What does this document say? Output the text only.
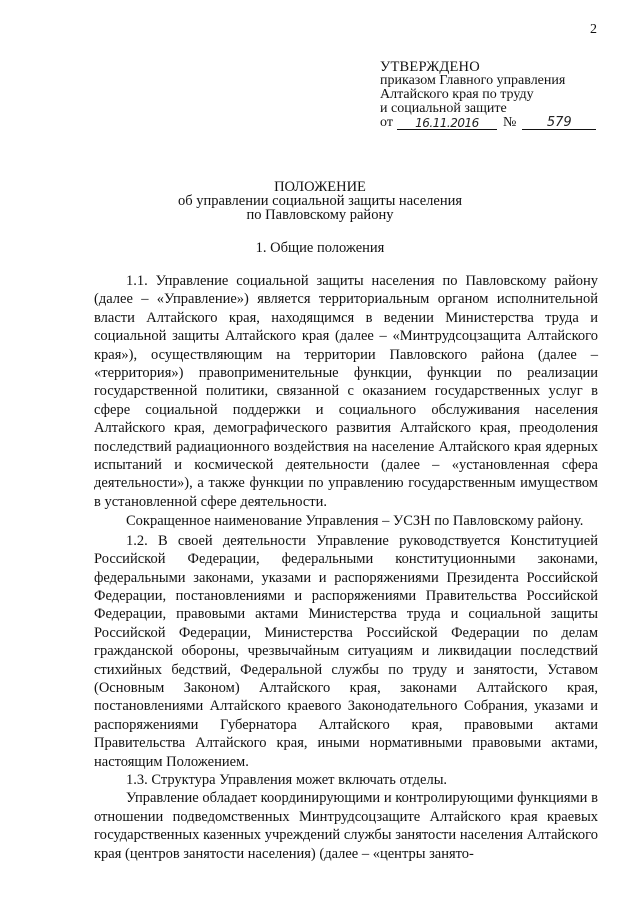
2
УТВЕРЖДЕНО
приказом Главного управления
Алтайского края по труду
и социальной защите
от	16.11.2016	№	579
ПОЛОЖЕНИЕ
об управлении социальной защиты населения
по Павловскому району
1. Общие положения

1.1. Управление социальной защиты населения по Павловскому району (далее – «Управление») является территориальным органом исполнительной власти Алтайского края, находящимся в ведении Министерства труда и социальной защиты Алтайского края (далее – «Минтрудсоцзащита Алтайского края»), осуществляющим на территории Павловского района (далее – «территория») правоприменительные функции, функции по реализации государственной политики, связанной с оказанием государственных услуг в сфере социальной поддержки и социального обслуживания населения Алтайского края, демографического развития Алтайского края, преодоления последствий радиационного воздействия на население Алтайского края ядерных испытаний и космической деятельности (далее – «установленная сфера деятельности»), а также функции по управлению государственным имуществом в установленной сфере деятельности.

Сокращенное наименование Управления – УСЗН по Павловскому району.

1.2. В своей деятельности Управление руководствуется Конституцией Российской Федерации, федеральными конституционными законами, федеральными законами, указами и распоряжениями Президента Российской Федерации, постановлениями и распоряжениями Правительства Российской Федерации, правовыми актами Министерства труда и социальной защиты Российской Федерации, Министерства Российской Федерации по делам гражданской обороны, чрезвычайным ситуациям и ликвидации последствий стихийных бедствий, Федеральной службы по труду и занятости, Уставом (Основным Законом) Алтайского края, законами Алтайского края, постановлениями Алтайского краевого Законодательного Собрания, указами и распоряжениями Губернатора Алтайского края, правовыми актами Правительства Алтайского края, иными нормативными правовыми актами, настоящим Положением.

1.3. Структура Управления может включать отделы.

Управление обладает координирующими и контролирующими функциями в отношении подведомственных Минтрудсоцзащите Алтайского края краевых государственных казенных учреждений службы занятости населения Алтайского края (центров занятости населения) (далее – «центры занято-
